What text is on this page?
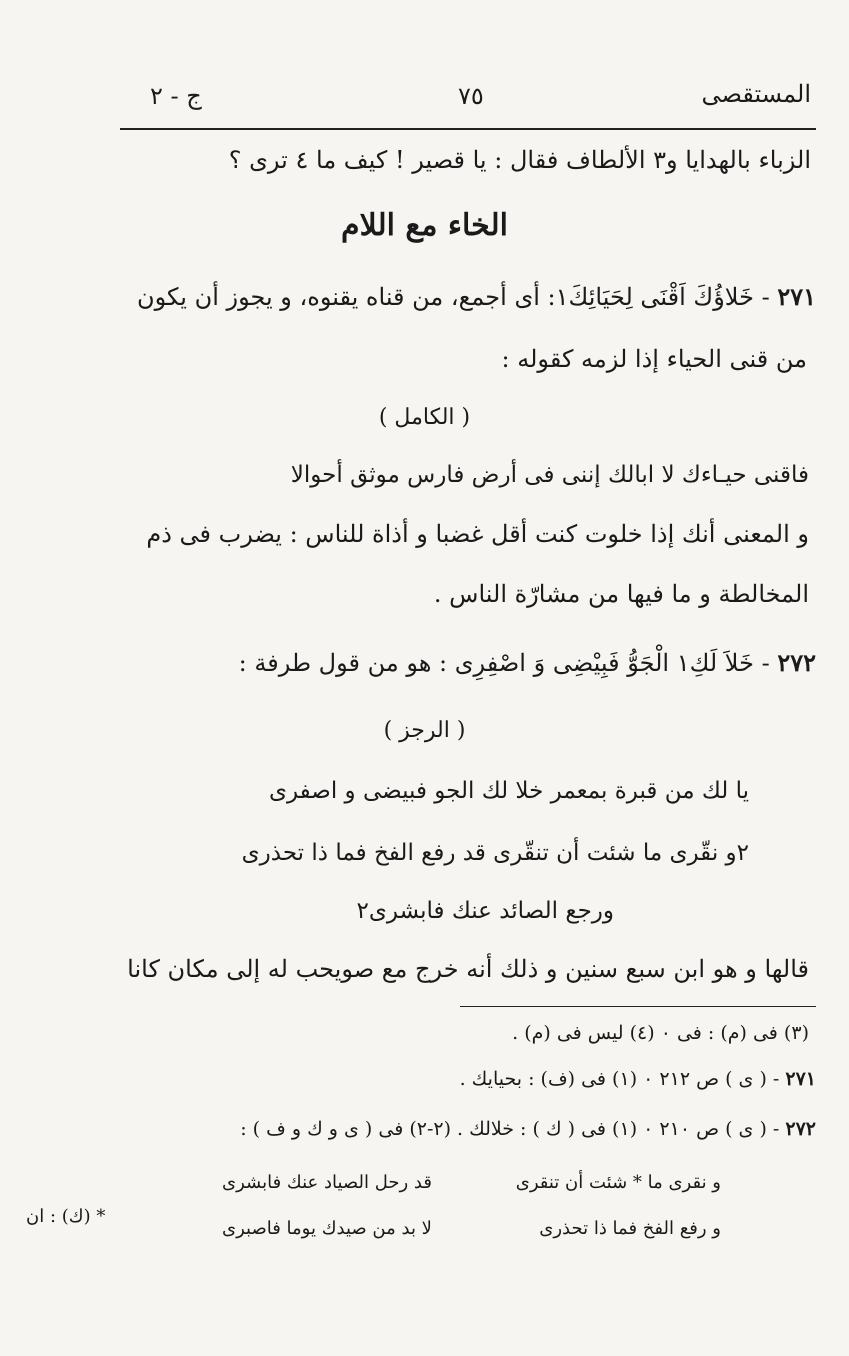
المستقصى
٧٥
ج - ٢
الزباء بالهدايا و٣ الألطاف فقال : يا قصير ! كيف ما ٤ ترى ؟
الخاء مع اللام
٢٧١ - خَلاؤُكَ اَقْنَى لِحَيَائِكَ١: أى أجمع، من قناه يقنوه، و يجوز أن يكون
من قنى الحياء إذا لزمه كقوله :
( الكامل )
فاقنى حيـاءك لا ابالك إننى فى أرض فارس موثق أحوالا
و المعنى أنك إذا خلوت كنت أقل غضبا و أذاة للناس : يضرب فى ذم
المخالطة و ما فيها من مشارّة الناس .
٢٧٢ - خَلاَ لَكِ١ الْجَوُّ فَبِيْضِى وَ اصْفِرِى : هو من قول طرفة :
( الرجز )
يا لك من قبرة بمعمر خلا لك الجو فبيضى و اصفرى
٢و نقّرى ما شئت أن تنقّرى قد رفع الفخ فما ذا تحذرى
ورجع الصائد عنك فابشرى٢
قالها و هو ابن سبع سنين و ذلك أنه خرج مع صويحب له إلى مكان كانا
(٣) فى (م) : فى ٠ (٤) ليس فى (م) .
٢٧١ - ( ى ) ص ٢١٢ ٠ (١) فى (ف) : بحيايك .
٢٧٢ - ( ى ) ص ٢١٠ ٠ (١) فى ( ك ) : خلالك . (٢-٢) فى ( ى و ك و ف ) :
و نقرى ما * شئت أن تنقرى
قد رحل الصياد عنك فابشرى
و رفع الفخ فما ذا تحذرى
لا بد من صيدك يوما فاصبرى
* (ك) : ان
